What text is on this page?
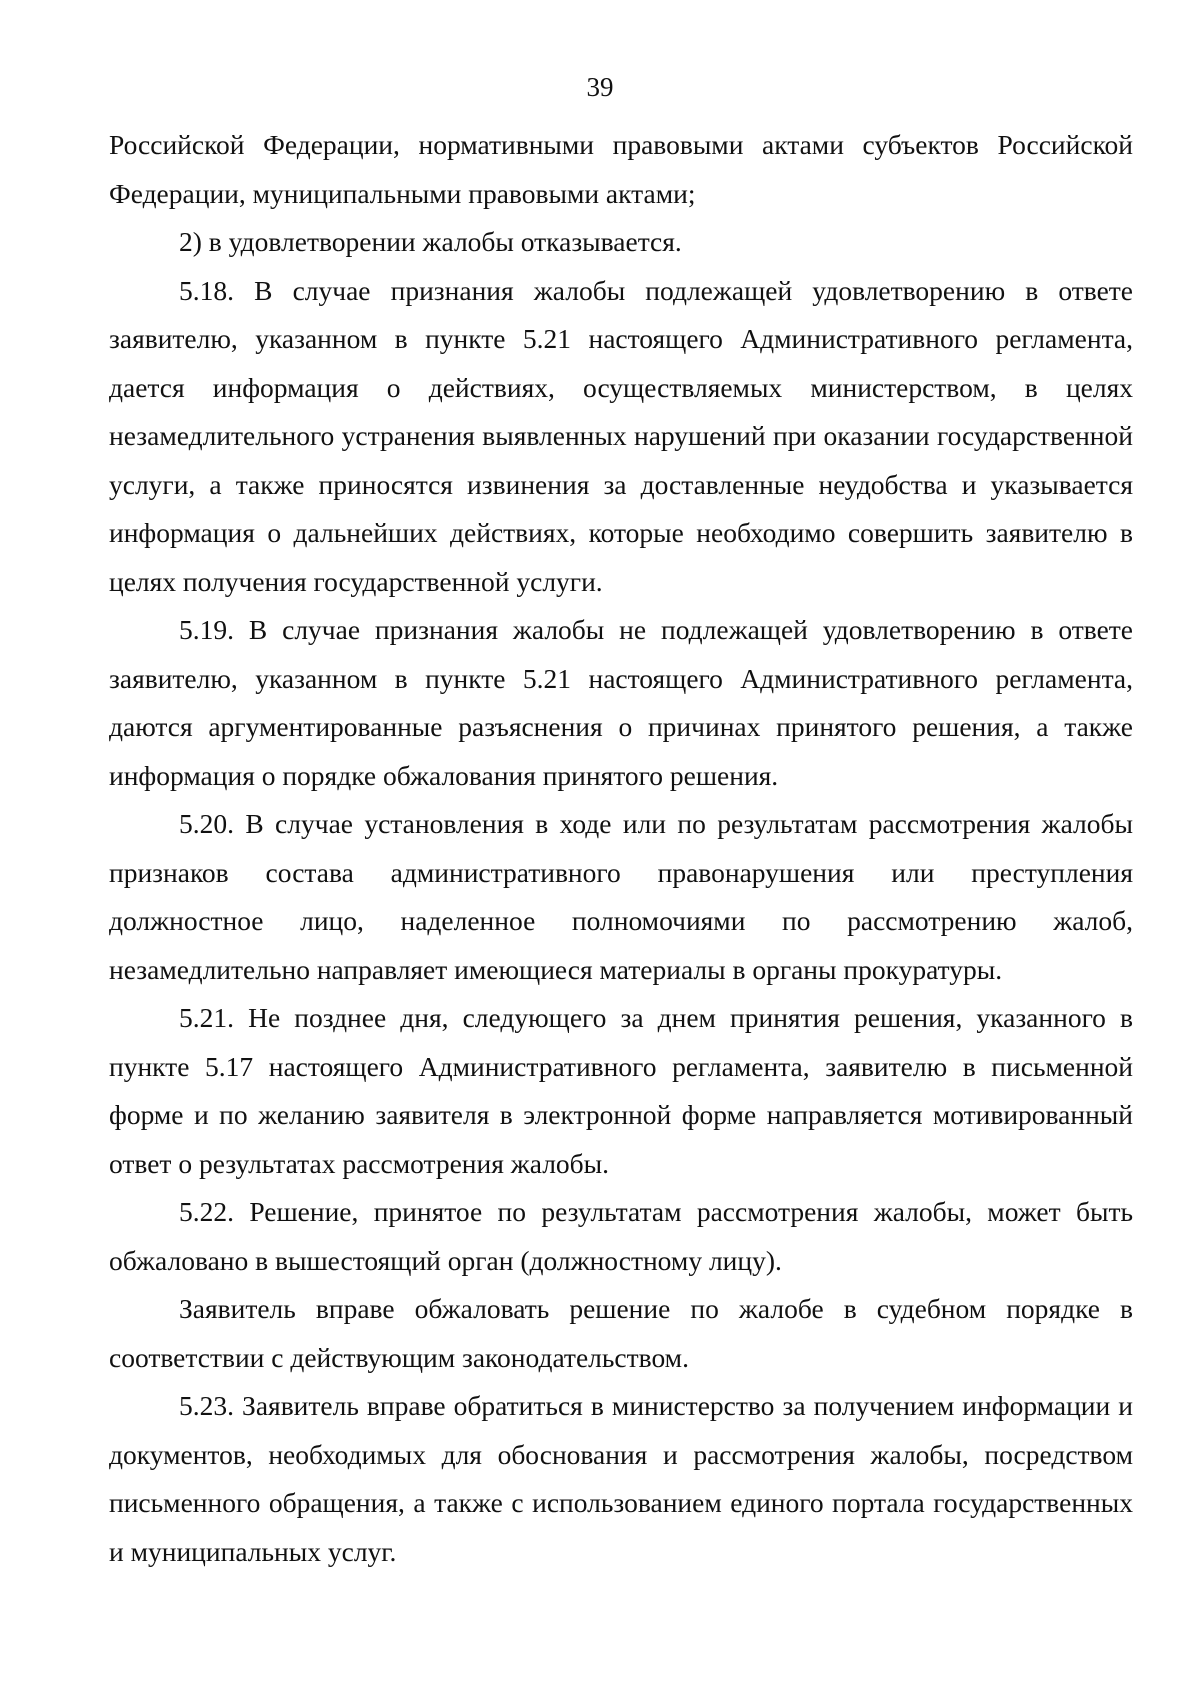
39

Российской Федерации, нормативными правовыми актами субъектов Российской Федерации, муниципальными правовыми актами;

2) в удовлетворении жалобы отказывается.

5.18. В случае признания жалобы подлежащей удовлетворению в ответе заявителю, указанном в пункте 5.21 настоящего Административного регламента, дается информация о действиях, осуществляемых министерством, в целях незамедлительного устранения выявленных нарушений при оказании государственной услуги, а также приносятся извинения за доставленные неудобства и указывается информация о дальнейших действиях, которые необходимо совершить заявителю в целях получения государственной услуги.

5.19. В случае признания жалобы не подлежащей удовлетворению в ответе заявителю, указанном в пункте 5.21 настоящего Административного регламента, даются аргументированные разъяснения о причинах принятого решения, а также информация о порядке обжалования принятого решения.

5.20. В случае установления в ходе или по результатам рассмотрения жалобы признаков состава административного правонарушения или преступления должностное лицо, наделенное полномочиями по рассмотрению жалоб, незамедлительно направляет имеющиеся материалы в органы прокуратуры.

5.21. Не позднее дня, следующего за днем принятия решения, указанного в пункте 5.17 настоящего Административного регламента, заявителю в письменной форме и по желанию заявителя в электронной форме направляется мотивированный ответ о результатах рассмотрения жалобы.

5.22. Решение, принятое по результатам рассмотрения жалобы, может быть обжаловано в вышестоящий орган (должностному лицу).

Заявитель вправе обжаловать решение по жалобе в судебном порядке в соответствии с действующим законодательством.

5.23. Заявитель вправе обратиться в министерство за получением информации и документов, необходимых для обоснования и рассмотрения жалобы, посредством письменного обращения, а также с использованием единого портала государственных и муниципальных услуг.
